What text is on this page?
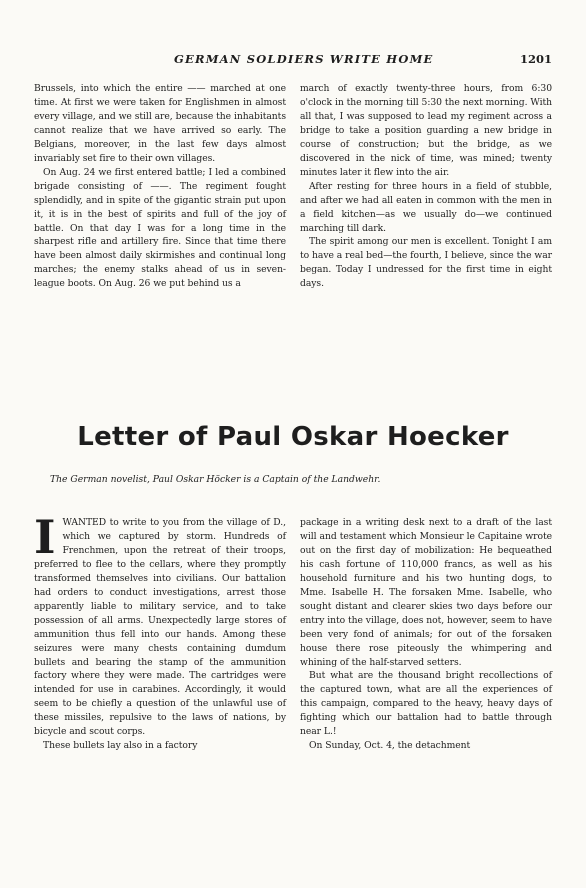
GERMAN SOLDIERS WRITE HOME	1201

Brussels, into which the entire —— marched at one time. At first we were taken for Englishmen in almost every village, and we still are, because the inhabitants cannot realize that we have arrived so early. The Belgians, moreover, in the last few days almost invariably set fire to their own villages.

On Aug. 24 we first entered battle; I led a combined brigade consisting of ——. The regiment fought splendidly, and in spite of the gigantic strain put upon it, it is in the best of spirits and full of the joy of battle. On that day I was for a long time in the sharpest rifle and artillery fire. Since that time there have been almost daily skirmishes and continual long marches; the enemy stalks ahead of us in seven-league boots. On Aug. 26 we put behind us a

march of exactly twenty-three hours, from 6:30 o'clock in the morning till 5:30 the next morning. With all that, I was supposed to lead my regiment across a bridge to take a position guarding a new bridge in course of construction; but the bridge, as we discovered in the nick of time, was mined; twenty minutes later it flew into the air.

After resting for three hours in a field of stubble, and after we had all eaten in common with the men in a field kitchen—as we usually do—we continued marching till dark.

The spirit among our men is excellent. Tonight I am to have a real bed—the fourth, I believe, since the war began. Today I undressed for the first time in eight days.

Letter of Paul Oskar Hoecker
The German novelist, Paul Oskar Höcker is a Captain of the Landwehr.

IWANTED to write to you from the village of D., which we captured by storm. Hundreds of Frenchmen, upon the retreat of their troops, preferred to flee to the cellars, where they promptly transformed themselves into civilians. Our battalion had orders to conduct investigations, arrest those apparently liable to military service, and to take possession of all arms. Unexpectedly large stores of ammunition thus fell into our hands. Among these seizures were many chests containing dumdum bullets and bearing the stamp of the ammunition factory where they were made. The cartridges were intended for use in carabines. Accordingly, it would seem to be chiefly a question of the unlawful use of these missiles, repulsive to the laws of nations, by bicycle and scout corps.

These bullets lay also in a factory

package in a writing desk next to a draft of the last will and testament which Monsieur le Capitaine wrote out on the first day of mobilization: He bequeathed his cash fortune of 110,000 francs, as well as his household furniture and his two hunting dogs, to Mme. Isabelle H. The forsaken Mme. Isabelle, who sought distant and clearer skies two days before our entry into the village, does not, however, seem to have been very fond of animals; for out of the forsaken house there rose piteously the whimpering and whining of the half-starved setters.

But what are the thousand bright recollections of the captured town, what are all the experiences of this campaign, compared to the heavy, heavy days of fighting which our battalion had to battle through near L.!

On Sunday, Oct. 4, the detachment
